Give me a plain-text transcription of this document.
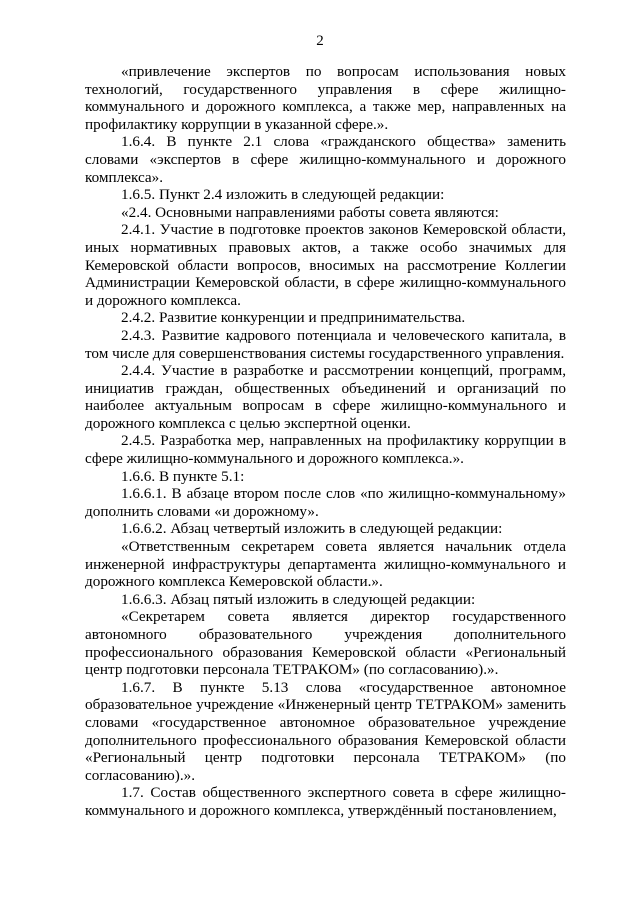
2

«привлечение экспертов по вопросам использования новых технологий, государственного управления в сфере жилищно-коммунального и дорожного комплекса, а также мер, направленных на профилактику коррупции в указанной сфере.».

1.6.4. В пункте 2.1 слова «гражданского общества» заменить словами «экспертов в сфере жилищно-коммунального и дорожного комплекса».

1.6.5. Пункт 2.4 изложить в следующей редакции:

«2.4. Основными направлениями работы совета являются:

2.4.1. Участие в подготовке проектов законов Кемеровской области, иных нормативных правовых актов, а также особо значимых для Кемеровской области вопросов, вносимых на рассмотрение Коллегии Администрации Кемеровской области, в сфере жилищно-коммунального и дорожного комплекса.

2.4.2. Развитие конкуренции и предпринимательства.

2.4.3. Развитие кадрового потенциала и человеческого капитала, в том числе для совершенствования системы государственного управления.

2.4.4. Участие в разработке и рассмотрении концепций, программ, инициатив граждан, общественных объединений и организаций по наиболее актуальным вопросам в сфере жилищно-коммунального и дорожного комплекса с целью экспертной оценки.

2.4.5. Разработка мер, направленных на профилактику коррупции в сфере жилищно-коммунального и дорожного комплекса.».

1.6.6. В пункте 5.1:

1.6.6.1. В абзаце втором после слов «по жилищно-коммунальному» дополнить словами «и дорожному».

1.6.6.2. Абзац четвертый изложить в следующей редакции:

«Ответственным секретарем совета является начальник отдела инженерной инфраструктуры департамента жилищно-коммунального и дорожного комплекса Кемеровской области.».

1.6.6.3. Абзац пятый изложить в следующей редакции:

«Секретарем совета является директор государственного автономного образовательного учреждения дополнительного профессионального образования Кемеровской области «Региональный центр подготовки персонала ТЕТРАКОМ» (по согласованию).».

1.6.7. В пункте 5.13 слова «государственное автономное образовательное учреждение «Инженерный центр ТЕТРАКОМ» заменить словами «государственное автономное образовательное учреждение дополнительного профессионального образования Кемеровской области «Региональный центр подготовки персонала ТЕТРАКОМ» (по согласованию).».

1.7. Состав общественного экспертного совета в сфере жилищно-коммунального и дорожного комплекса, утверждённый постановлением,
